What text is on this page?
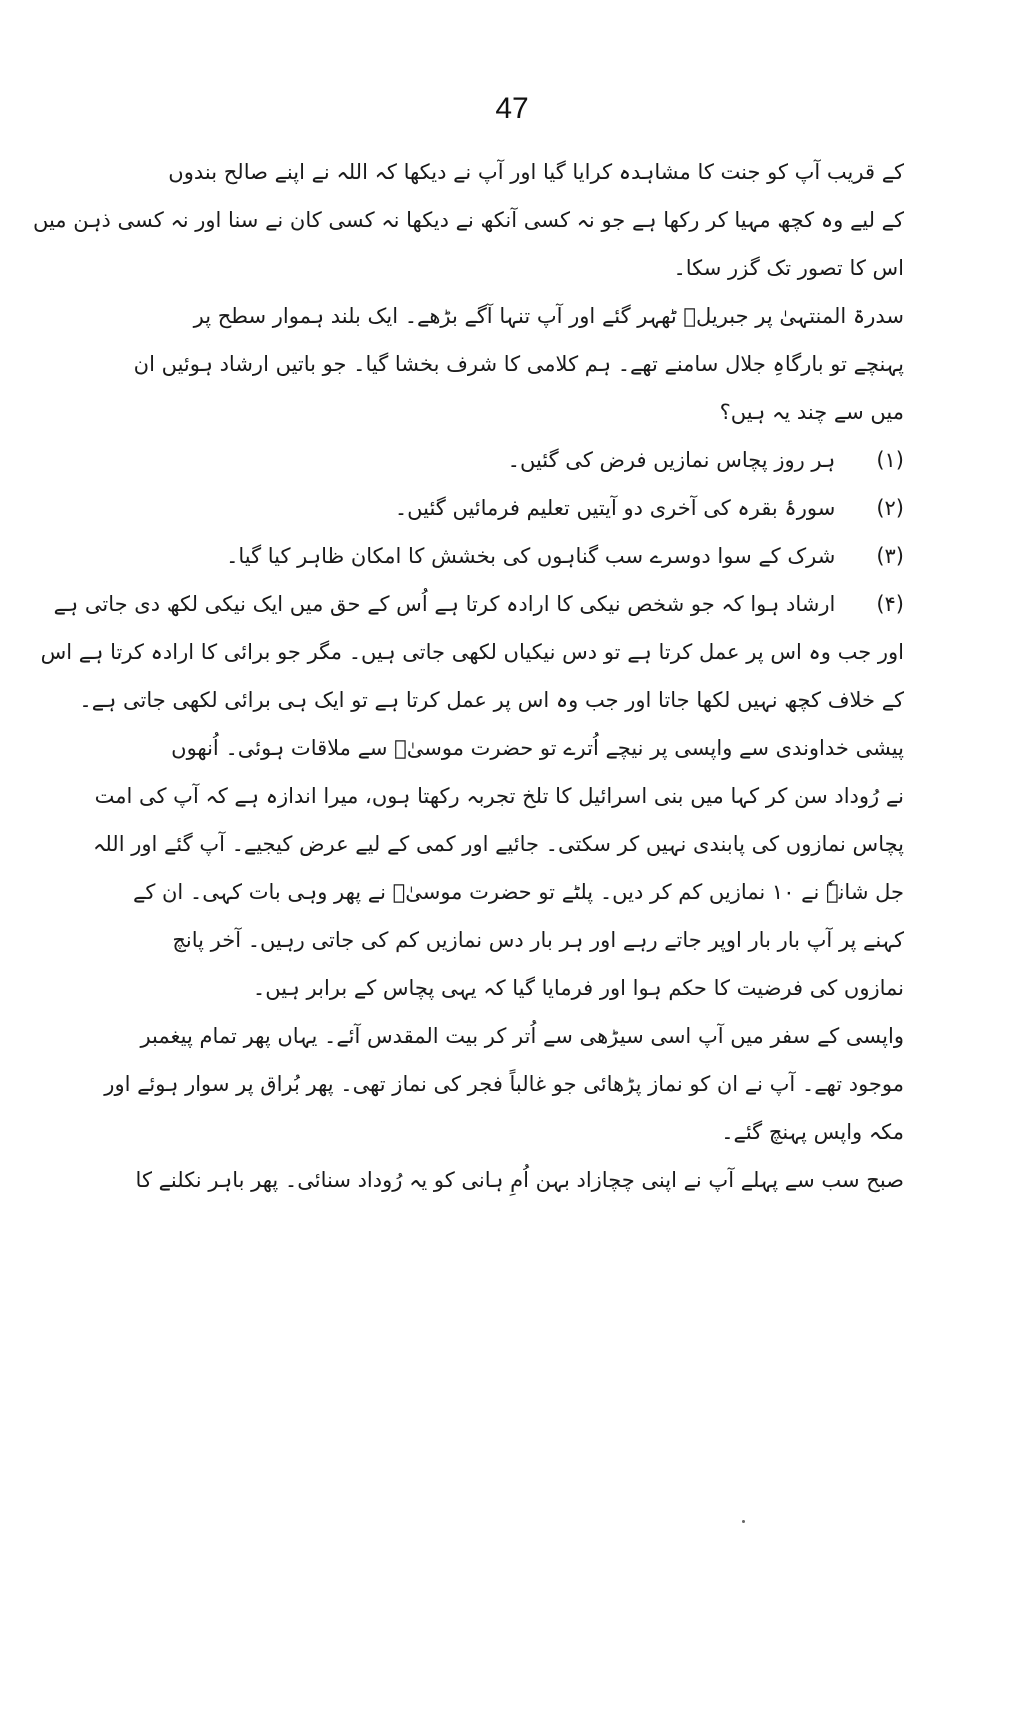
47
کے قریب آپ کو جنت کا مشاہدہ کرایا گیا اور آپ نے دیکھا کہ اللہ نے اپنے صالح بندوں
کے لیے وہ کچھ مہیا کر رکھا ہے جو نہ کسی آنکھ نے دیکھا نہ کسی کان نے سنا اور نہ کسی ذہن میں
اس کا تصور تک گزر سکا۔
سدرۃ المنتہیٰ پر جبریلؑ ٹھہر گئے اور آپ تنہا آگے بڑھے۔ ایک بلند ہموار سطح پر
پہنچے تو بارگاہِ جلال سامنے تھے۔ ہم کلامی کا شرف بخشا گیا۔ جو باتیں ارشاد ہوئیں ان
میں سے چند یہ ہیں؟
(۱) ہر روز پچاس نمازیں فرض کی گئیں۔
(۲) سورۂ بقرہ کی آخری دو آیتیں تعلیم فرمائیں گئیں۔
(۳) شرک کے سوا دوسرے سب گناہوں کی بخشش کا امکان ظاہر کیا گیا۔
(۴) ارشاد ہوا کہ جو شخص نیکی کا ارادہ کرتا ہے اُس کے حق میں ایک نیکی لکھ دی جاتی ہے
اور جب وہ اس پر عمل کرتا ہے تو دس نیکیاں لکھی جاتی ہیں۔ مگر جو برائی کا ارادہ کرتا ہے اس
کے خلاف کچھ نہیں لکھا جاتا اور جب وہ اس پر عمل کرتا ہے تو ایک ہی برائی لکھی جاتی ہے۔
پیشی خداوندی سے واپسی پر نیچے اُترے تو حضرت موسیٰؑ سے ملاقات ہوئی۔ اُنھوں
نے رُوداد سن کر کہا میں بنی اسرائیل کا تلخ تجربہ رکھتا ہوں، میرا اندازہ ہے کہ آپ کی امت
پچاس نمازوں کی پابندی نہیں کر سکتی۔ جائیے اور کمی کے لیے عرض کیجیے۔ آپ گئے اور اللہ
جل شانہٗ نے ۱۰ نمازیں کم کر دیں۔ پلٹے تو حضرت موسیٰؑ نے پھر وہی بات کہی۔ ان کے
کہنے پر آپ بار بار اوپر جاتے رہے اور ہر بار دس نمازیں کم کی جاتی رہیں۔ آخر پانچ
نمازوں کی فرضیت کا حکم ہوا اور فرمایا گیا کہ یہی پچاس کے برابر ہیں۔
واپسی کے سفر میں آپ اسی سیڑھی سے اُتر کر بیت المقدس آئے۔ یہاں پھر تمام پیغمبر
موجود تھے۔ آپ نے ان کو نماز پڑھائی جو غالباً فجر کی نماز تھی۔ پھر بُراق پر سوار ہوئے اور
مکہ واپس پہنچ گئے۔
صبح سب سے پہلے آپ نے اپنی چچازاد بہن اُمِ ہانی کو یہ رُوداد سنائی۔ پھر باہر نکلنے کا
